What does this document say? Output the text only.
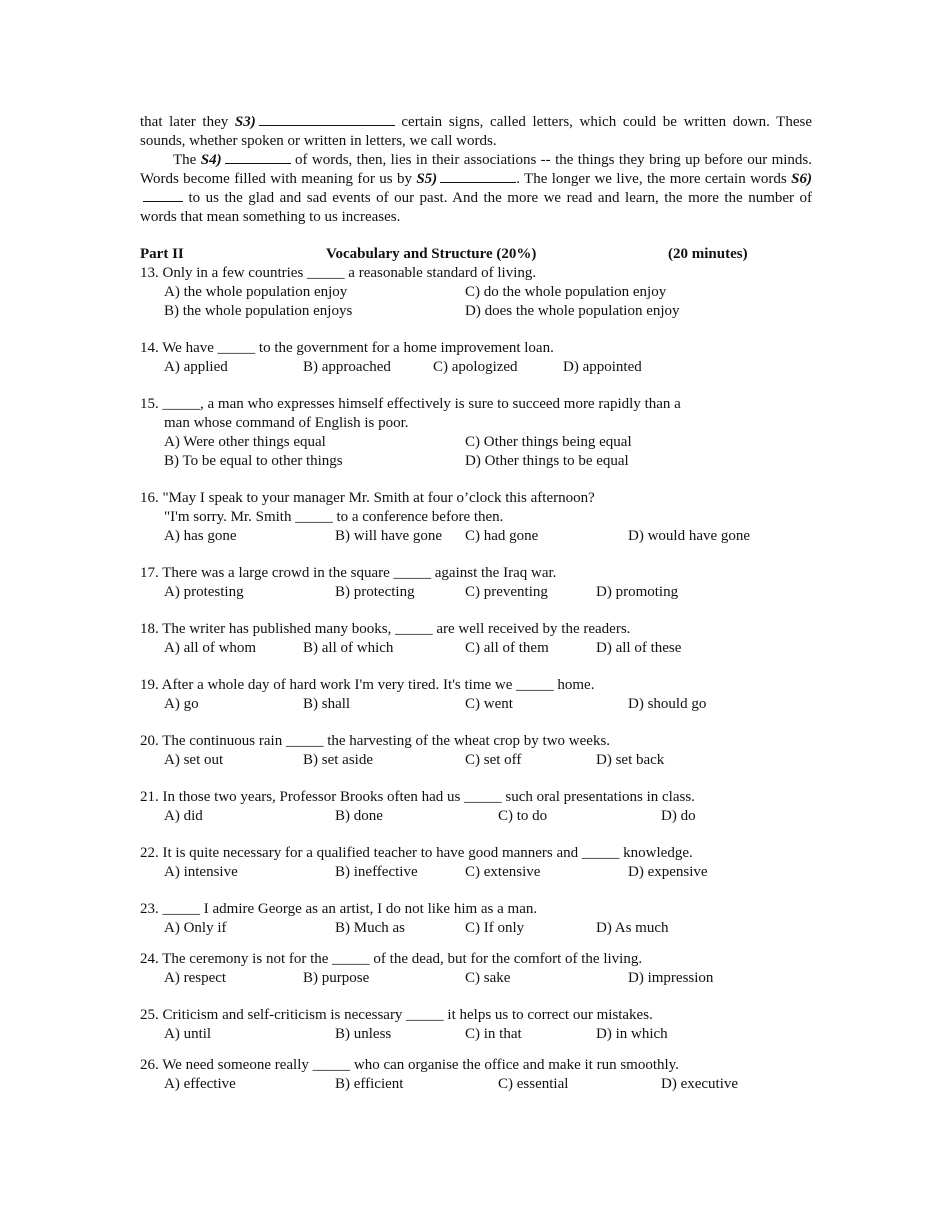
that later they S3)	certain signs, called letters, which could be written down. These sounds, whether spoken or written in letters, we call words.

The S4)	of words, then, lies in their associations -- the things they bring up before our minds. Words become filled with meaning for us by S5)	. The longer we live, the more certain words S6) to us the glad and sad events of our past. And the more we read and learn, the more the number of words that mean something to us increases.

Part II	Vocabulary and Structure (20%)	(20 minutes)

13. Only in a few countries _____ a reasonable standard of living.

A) the whole population enjoy	C) do the whole population enjoy
B) the whole population enjoys	D) does the whole population enjoy

14. We have _____ to the government for a home improvement loan.

A) applied	B) approached	C) apologized	D) appointed

15. _____, a man who expresses himself effectively is sure to succeed more rapidly than a

man whose command of English is poor.

A) Were other things equal	C) Other things being equal
B) To be equal to other things	D) Other things to be equal

16. "May I speak to your manager Mr. Smith at four o’clock this afternoon?

"I'm sorry. Mr. Smith _____ to a conference before then.

A) has gone	B) will have gone C) had gone	D) would have gone

17. There was a large crowd in the square _____ against the Iraq war.

A) protesting	B) protecting	C) preventing	D) promoting

18. The writer has published many books, _____ are well received by the readers.

A) all of whom	B) all of which	C) all of them	D) all of these

19. After a whole day of hard work I'm very tired. It's time we _____ home.

A) go	B) shall	C) went	D) should go

20. The continuous rain _____ the harvesting of the wheat crop by two weeks.

A) set out	B) set aside	C) set off	D) set back

21. In those two years, Professor Brooks often had us _____ such oral presentations in class.

A) did	B) done	C) to do	D) do

22. It is quite necessary for a qualified teacher to have good manners and _____ knowledge.

A) intensive	B) ineffective	C) extensive	D) expensive

23. _____ I admire George as an artist, I do not like him as a man.

A) Only if	B) Much as	C) If only	D) As much

24. The ceremony is not for the _____ of the dead, but for the comfort of the living.

A) respect	B) purpose	C) sake	D) impression

25. Criticism and self-criticism is necessary _____ it helps us to correct our mistakes.

A) until	B) unless	C) in that	D) in which

26. We need someone really _____ who can organise the office and make it run smoothly.

A) effective	B) efficient	C) essential	D) executive
